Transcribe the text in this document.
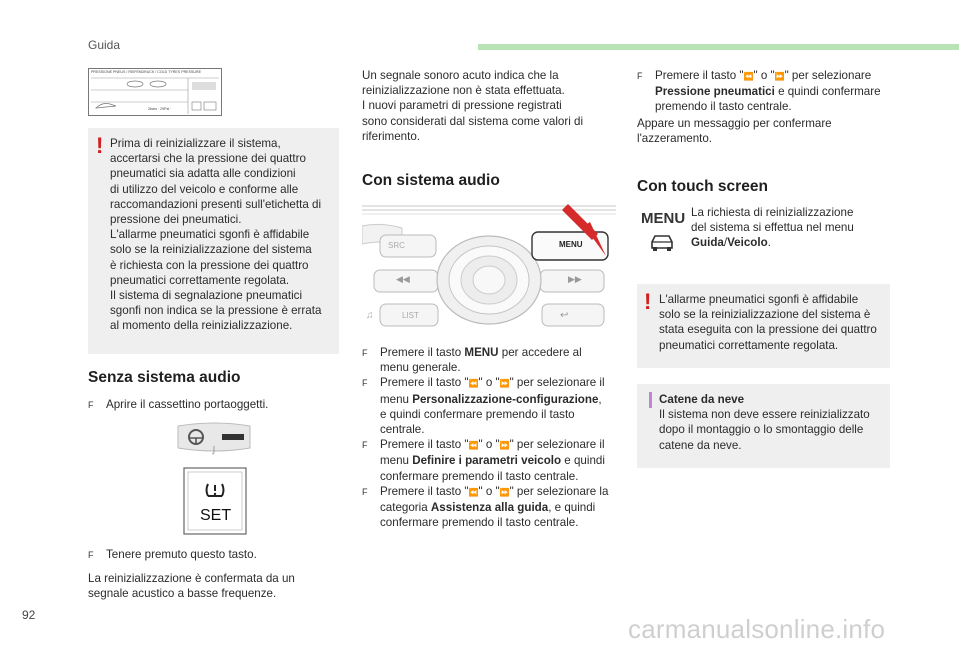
Guida
PRESSIONE PNEUS / REIFENDRUCK / COLD TYRES PRESSURE
2bars · 29Psi ·
! Prima di reinizializzare il sistema,
accertarsi che la pressione dei quattro
pneumatici sia adatta alle condizioni
di utilizzo del veicolo e conforme alle
raccomandazioni presenti sull'etichetta di
pressione dei pneumatici.
L'allarme pneumatici sgonfi è affidabile
solo se la reinizializzazione del sistema
è richiesta con la pressione dei quattro
pneumatici correttamente regolata.
Il sistema di segnalazione pneumatici
sgonfi non indica se la pressione è errata
al momento della reinizializzazione.
Senza sistema audio
F	Aprire il cassettino portaoggetti.
SET
F	Tenere premuto questo tasto.
La reinizializzazione è confermata da un
segnale acustico a basse frequenze.
Un segnale sonoro acuto indica che la
reinizializzazione non è stata effettuata.
I nuovi parametri di pressione registrati
sono considerati dal sistema come valori di
riferimento.
Con sistema audio
◀◀	▶▶
♫	↩
SRC
LIST
MENU
F	Premere il tasto MENU per accedere al
menu generale.
F	Premere il tasto "⏪" o "⏩" per selezionare il
menu Personalizzazione-configurazione,
e quindi confermare premendo il tasto
centrale.
F	Premere il tasto "⏪" o "⏩" per selezionare il
menu Definire i parametri veicolo e quindi
confermare premendo il tasto centrale.
F	Premere il tasto "⏪" o "⏩" per selezionare la
categoria Assistenza alla guida, e quindi
confermare premendo il tasto centrale.
F	Premere il tasto "⏪" o "⏩" per selezionare
Pressione pneumatici e quindi confermare
premendo il tasto centrale.
Appare un messaggio per confermare
l'azzeramento.
Con touch screen
MENU La richiesta di reinizializzazione
del sistema si effettua nel menu
Guida/Veicolo.
! L'allarme pneumatici sgonfi è affidabile
solo se la reinizializzazione del sistema è
stata eseguita con la pressione dei quattro
pneumatici correttamente regolata.
Catene da neve
Il sistema non deve essere reinizializzato
dopo il montaggio o lo smontaggio delle
catene da neve.
92	carmanualsonline.info
